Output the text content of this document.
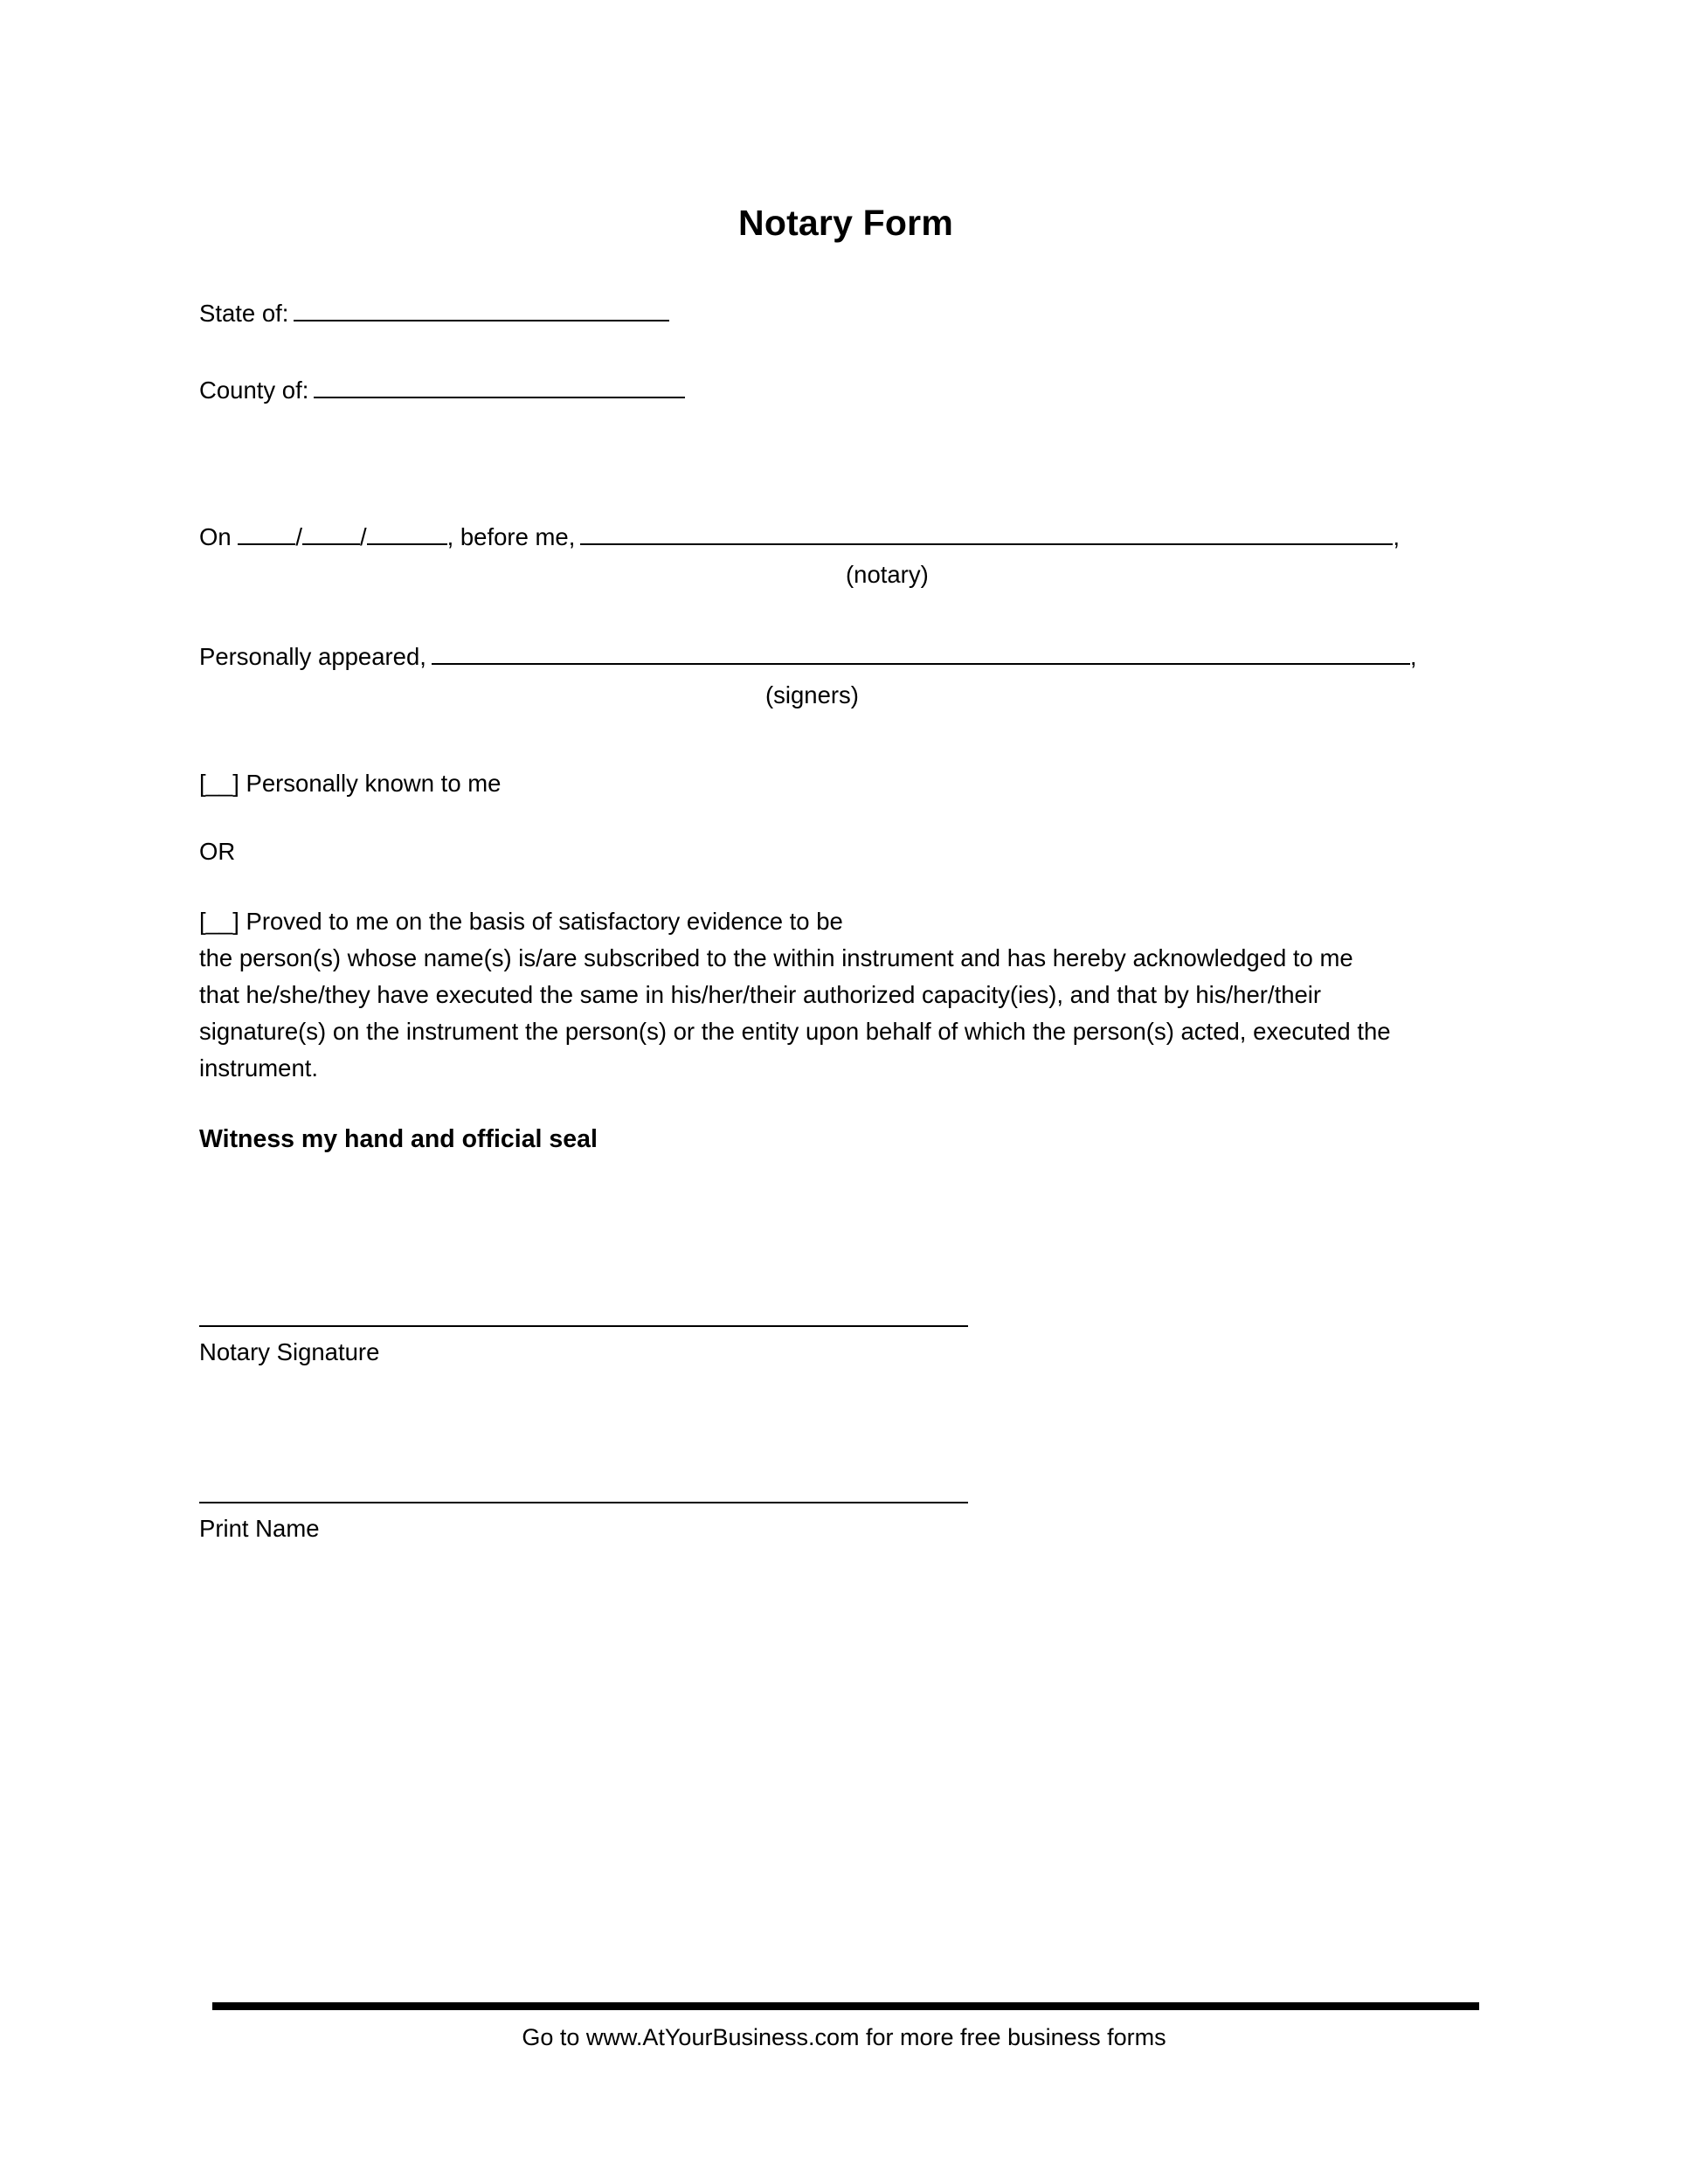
Notary Form
State of:
County of:
On	/ /	, before me,	,
(notary)
Personally appeared,	,
(signers)
[__] Personally known to me
OR
[__] Proved to me on the basis of satisfactory evidence to be
the person(s) whose name(s) is/are subscribed to the within instrument and has hereby acknowledged to me that he/she/they have executed the same in his/her/their authorized capacity(ies), and that by his/her/their signature(s) on the instrument the person(s) or the entity upon behalf of which the person(s) acted, executed the instrument.
Witness my hand and official seal
Notary Signature
Print Name
Go to www.AtYourBusiness.com for more free business forms
